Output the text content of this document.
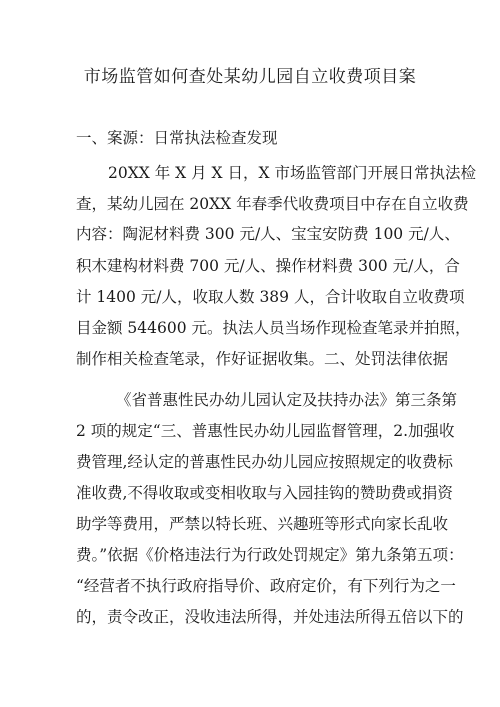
市场监管如何查处某幼儿园自立收费项目案
一、案源：日常执法检查发现
20XX 年 X 月 X 日，X 市场监管部门开展日常执法检
查，某幼儿园在 20XX 年春季代收费项目中存在自立收费
内容：陶泥材料费 300 元/人、宝宝安防费 100 元/人、
积木建构材料费 700 元/人、操作材料费 300 元/人，合
计 1400 元/人，收取人数 389 人，合计收取自立收费项
目金额 544600 元。执法人员当场作现检查笔录并拍照，
制作相关检查笔录，作好证据收集。二、处罚法律依据
《省普惠性民办幼儿园认定及扶持办法》第三条第
2 项的规定“三、普惠性民办幼儿园监督管理，2.加强收
费管理,经认定的普惠性民办幼儿园应按照规定的收费标
准收费,不得收取或变相收取与入园挂钩的赞助费或捐资
助学等费用，严禁以特长班、兴趣班等形式向家长乱收
费。”依据《价格违法行为行政处罚规定》第九条第五项：
“经营者不执行政府指导价、政府定价，有下列行为之一
的，责令改正，没收违法所得，并处违法所得五倍以下的
